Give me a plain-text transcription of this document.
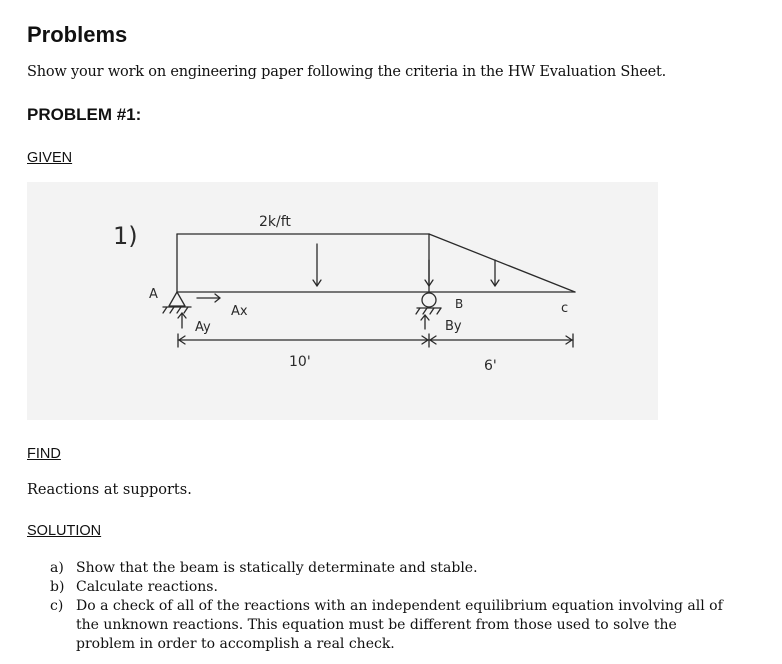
Problems
Show your work on engineering paper following the criteria in the HW Evaluation Sheet.
PROBLEM #1:
GIVEN
1)	2k/ft
A
Ax
Ay
B
By
c
10'	6'
FIND
Reactions at supports.
SOLUTION
a) Show that the beam is statically determinate and stable.
b) Calculate reactions.
c) Do a check of all of the reactions with an independent equilibrium equation involving all of the unknown reactions. This equation must be different from those used to solve the problem in order to accomplish a real check.
